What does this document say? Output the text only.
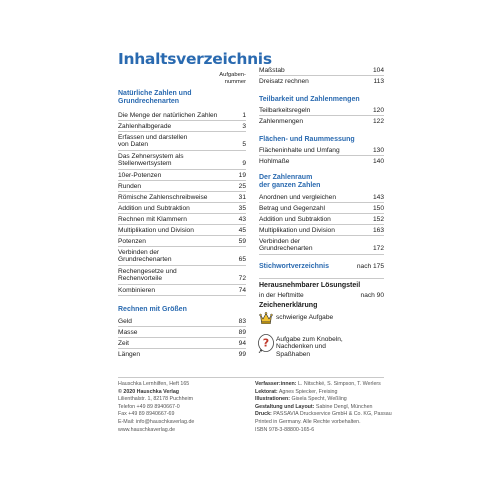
Inhaltsverzeichnis
Aufgaben-
nummer
Natürliche Zahlen und
Grundrechenarten
Die Menge der natürlichen Zahlen	1
Zahlenhalbgerade	3
Erfassen und darstellen
von Daten	5
Das Zehnersystem als
Stellenwertsystem	9
10er-Potenzen	19
Runden	25
Römische Zahlenschreibweise	31
Addition und Subtraktion	35
Rechnen mit Klammern	43
Multiplikation und Division	45
Potenzen	59
Verbinden der
Grundrechenarten	65
Rechengesetze und
Rechenvorteile	72
Kombinieren	74
Rechnen mit Größen
Geld	83
Masse	89
Zeit	94
Längen	99
Maßstab	104
Dreisatz rechnen	113
Teilbarkeit und Zahlenmengen
Teilbarkeitsregeln	120
Zahlenmengen	122
Flächen- und Raummessung
Flächeninhalte und Umfang	130
Hohlmaße	140
Der Zahlenraum
der ganzen Zahlen
Anordnen und vergleichen	143
Betrag und Gegenzahl	150
Addition und Subtraktion	152
Multiplikation und Division	163
Verbinden der
Grundrechenarten	172
Stichwortverzeichnis	nach 175
Herausnehmbarer Lösungsteil
in der Heftmitte	nach 90
Zeichenerklärung
schwierige Aufgabe
? Aufgabe zum Knobeln,
Nachdenken und
Spaßhaben
Hauschka Lernhilfen, Heft 165
© 2020 Hauschka Verlag
Lilienthalstr. 1, 82178 Puchheim
Telefon +49 89 8940667-0
Fax +49 89 8940667-69
E-Mail: info@hauschkaverlag.de
www.hauschkaverlag.de
Verfasser:innen: L. Nitschké, S. Simpson, T. Werlers
Lektorat: Agnes Spiecker, Freising
Illustrationen: Gisela Specht, Weßling
Gestaltung und Layout: Sabine Dengl, München
Druck: PASSAVIA Druckservice GmbH & Co. KG, Passau
Printed in Germany. Alle Rechte vorbehalten.
ISBN 978-3-88800-165-6
